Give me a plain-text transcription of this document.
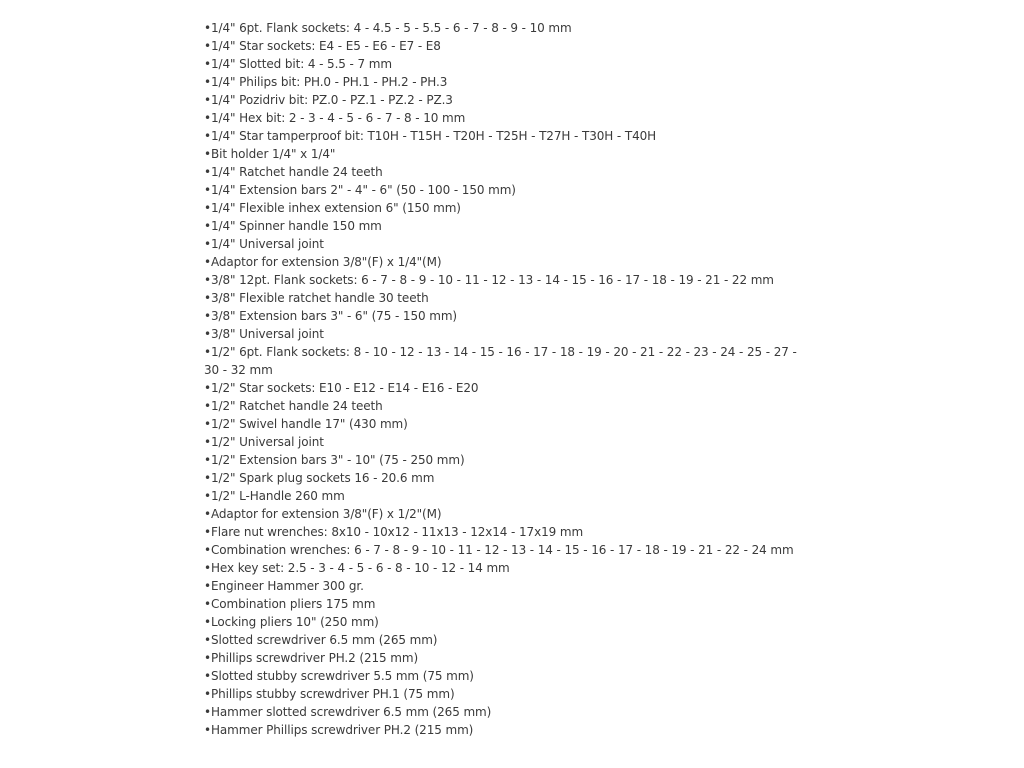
•1/4" 6pt. Flank sockets: 4 - 4.5 - 5 - 5.5 - 6 - 7 - 8 - 9 - 10 mm
•1/4" Star sockets: E4 - E5 - E6 - E7 - E8
•1/4" Slotted bit: 4 - 5.5 - 7 mm
•1/4" Philips bit: PH.0 - PH.1 - PH.2 - PH.3
•1/4" Pozidriv bit: PZ.0 - PZ.1 - PZ.2 - PZ.3
•1/4" Hex bit: 2 - 3 - 4 - 5 - 6 - 7 - 8 - 10 mm
•1/4" Star tamperproof bit: T10H - T15H - T20H - T25H - T27H - T30H - T40H
•Bit holder 1/4" x 1/4"
•1/4" Ratchet handle 24 teeth
•1/4" Extension bars 2" - 4" - 6" (50 - 100 - 150 mm)
•1/4" Flexible inhex extension 6" (150 mm)
•1/4" Spinner handle 150 mm
•1/4" Universal joint
•Adaptor for extension 3/8"(F) x 1/4"(M)
•3/8" 12pt. Flank sockets: 6 - 7 - 8 - 9 - 10 - 11 - 12 - 13 - 14 - 15 - 16 - 17 - 18 - 19 - 21 - 22 mm
•3/8" Flexible ratchet handle 30 teeth
•3/8" Extension bars 3" - 6" (75 - 150 mm)
•3/8" Universal joint
•1/2" 6pt. Flank sockets: 8 - 10 - 12 - 13 - 14 - 15 - 16 - 17 - 18 - 19 - 20 - 21 - 22 - 23 - 24 - 25 - 27 - 30 - 32 mm
•1/2" Star sockets: E10 - E12 - E14 - E16 - E20
•1/2" Ratchet handle 24 teeth
•1/2" Swivel handle 17" (430 mm)
•1/2" Universal joint
•1/2" Extension bars 3" - 10" (75 - 250 mm)
•1/2" Spark plug sockets 16 - 20.6 mm
•1/2" L-Handle 260 mm
•Adaptor for extension 3/8"(F) x 1/2"(M)
•Flare nut wrenches: 8x10 - 10x12 - 11x13 - 12x14 - 17x19 mm
•Combination wrenches: 6 - 7 - 8 - 9 - 10 - 11 - 12 - 13 - 14 - 15 - 16 - 17 - 18 - 19 - 21 - 22 - 24 mm
•Hex key set: 2.5 - 3 - 4 - 5 - 6 - 8 - 10 - 12 - 14 mm
•Engineer Hammer 300 gr.
•Combination pliers 175 mm
•Locking pliers 10" (250 mm)
•Slotted screwdriver 6.5 mm (265 mm)
•Phillips screwdriver PH.2 (215 mm)
•Slotted stubby screwdriver 5.5 mm (75 mm)
•Phillips stubby screwdriver PH.1 (75 mm)
•Hammer slotted screwdriver 6.5 mm (265 mm)
•Hammer Phillips screwdriver PH.2 (215 mm)
